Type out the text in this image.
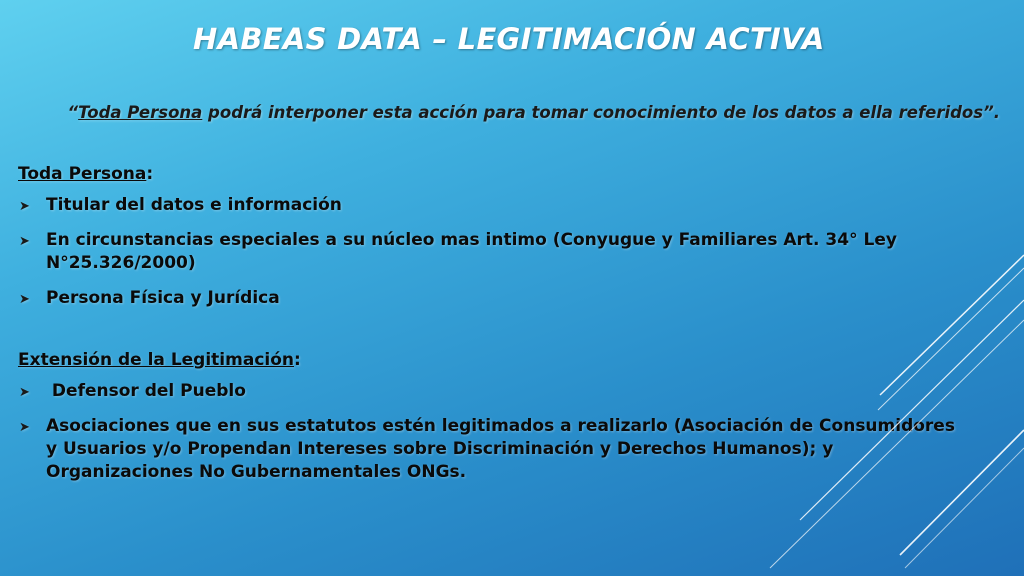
HABEAS DATA – LEGITIMACIÓN ACTIVA

“Toda Persona podrá interponer esta acción para tomar conocimiento de los datos a ella referidos”.

Toda Persona:

➤ Titular del datos e información
➤ En circunstancias especiales a su núcleo mas intimo (Conyugue y Familiares Art. 34° Ley N°25.326/2000)
➤ Persona Física y Jurídica

Extensión de la Legitimación:

➤ Defensor del Pueblo
➤ Asociaciones que en sus estatutos estén legitimados a realizarlo (Asociación de Consumidores y Usuarios y/o Propendan Intereses sobre Discriminación y Derechos Humanos); y Organizaciones No Gubernamentales ONGs.
